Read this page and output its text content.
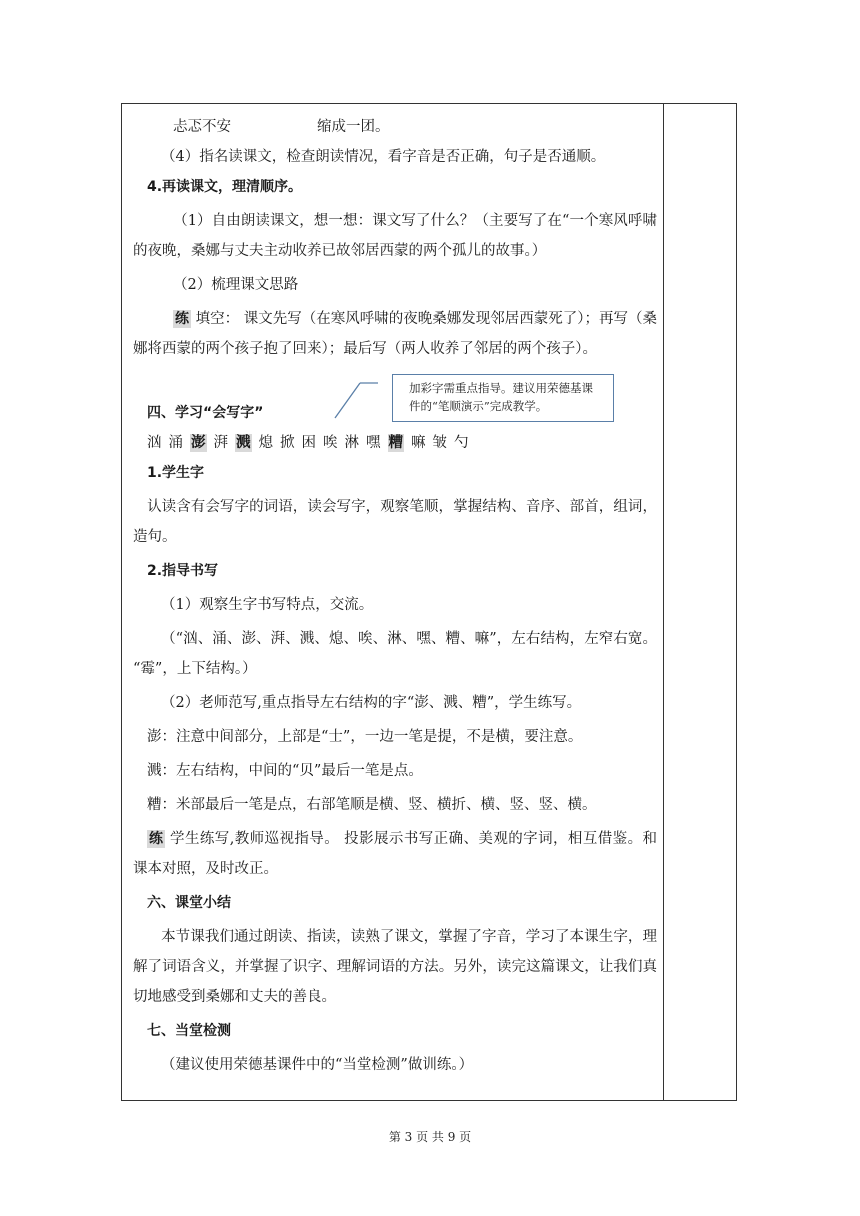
忐忑不安	缩成一团。
（4）指名读课文，检查朗读情况，看字音是否正确，句子是否通顺。
4.再读课文，理清顺序。
（1）自由朗读课文，想一想：课文写了什么？（主要写了在“一个寒风呼啸的夜晚，桑娜与丈夫主动收养已故邻居西蒙的两个孤儿的故事。）
（2）梳理课文思路
练 填空： 课文先写（在寒风呼啸的夜晚桑娜发现邻居西蒙死了）；再写（桑娜将西蒙的两个孩子抱了回来）；最后写（两人收养了邻居的两个孩子）。
四、学习“会写字”
汹 涌 澎 湃 溅 熄 掀 困 唉 淋 嘿 糟 嘛 皱 勺
1.学生字
认读含有会写字的词语，读会写字，观察笔顺，掌握结构、音序、部首，组词，造句。
2.指导书写
（1）观察生字书写特点，交流。
（“汹、涌、澎、湃、溅、熄、唉、淋、嘿、糟、嘛”，左右结构，左窄右宽。 “霉”，上下结构。）
（2）老师范写,重点指导左右结构的字“澎、溅、糟”，学生练写。
澎：注意中间部分，上部是“士”，一边一笔是提，不是横，要注意。
溅：左右结构，中间的“贝”最后一笔是点。
糟：米部最后一笔是点，右部笔顺是横、竖、横折、横、竖、竖、横。
练 学生练写,教师巡视指导。 投影展示书写正确、美观的字词，相互借鉴。和课本对照，及时改正。
六、课堂小结
本节课我们通过朗读、指读，读熟了课文，掌握了字音，学习了本课生字，理解了词语含义，并掌握了识字、理解词语的方法。另外，读完这篇课文，让我们真切地感受到桑娜和丈夫的善良。
七、当堂检测
（建议使用荣德基课件中的“当堂检测”做训练。）
加彩字需重点指导。建议用荣德基课件的“笔顺演示”完成教学。
第 3 页 共 9 页
